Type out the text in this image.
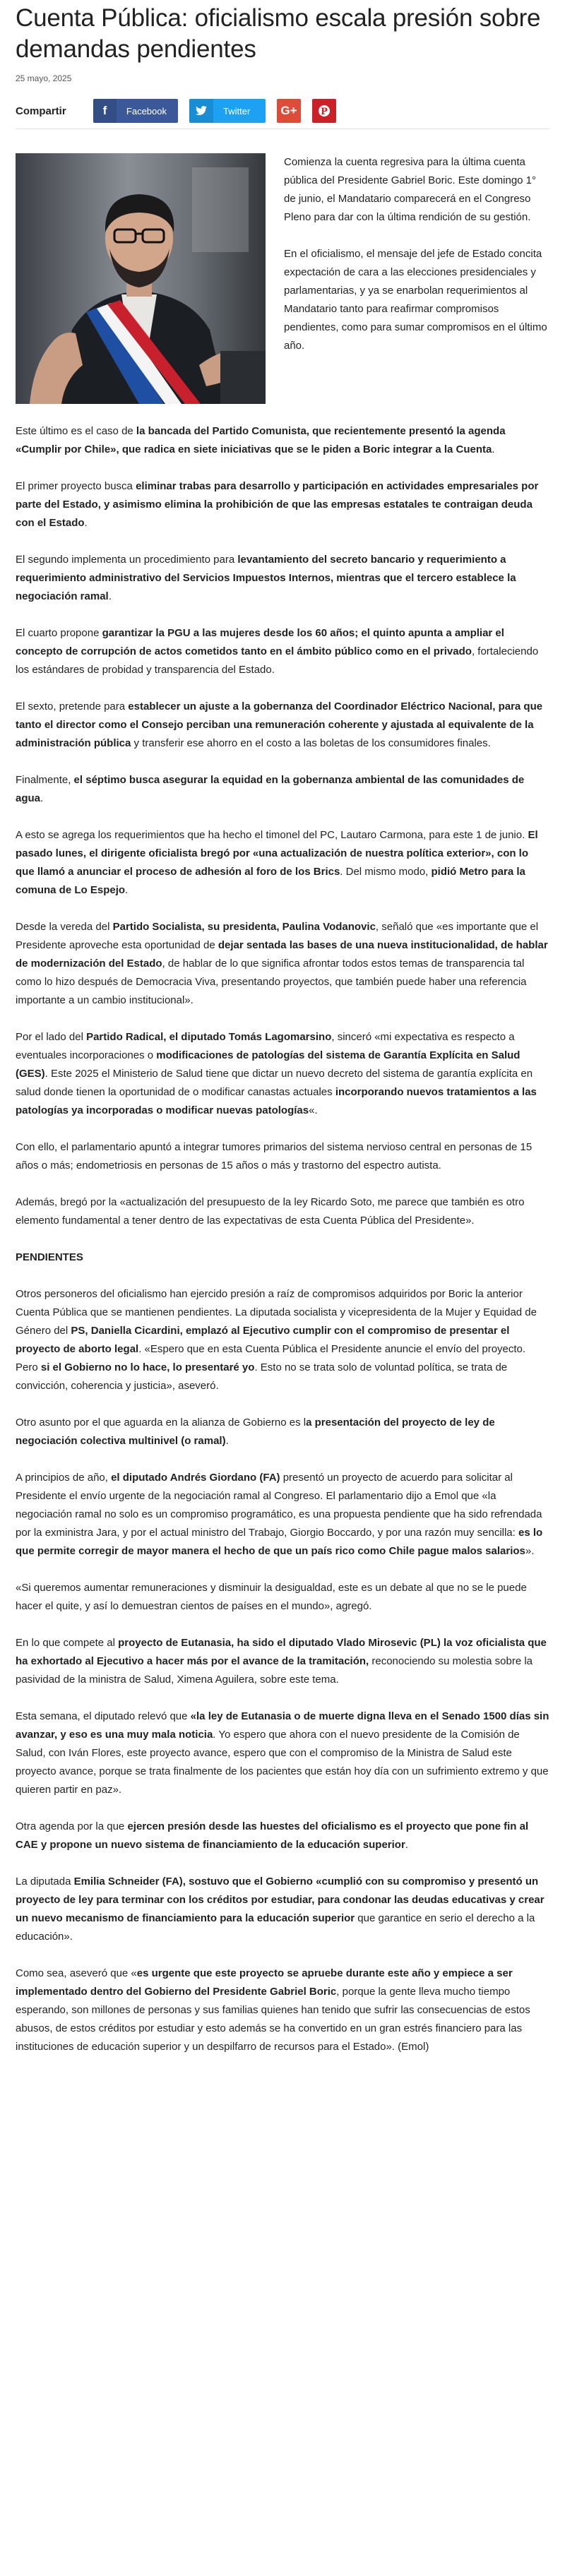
Cuenta Pública: oficialismo escala presión sobre demandas pendientes
25 mayo, 2025
Compartir	f	Facebook	Twitter	G+	P

Comienza la cuenta regresiva para la última cuenta pública del Presidente Gabriel Boric. Este domingo 1° de junio, el Mandatario comparecerá en el Congreso Pleno para dar con la última rendición de su gestión.

En el oficialismo, el mensaje del jefe de Estado concita expectación de cara a las elecciones presidenciales y parlamentarias, y ya se enarbolan requerimientos al Mandatario tanto para reafirmar compromisos pendientes, como para sumar compromisos en el último año.

Este último es el caso de la bancada del Partido Comunista, que recientemente presentó la agenda «Cumplir por Chile», que radica en siete iniciativas que se le piden a Boric integrar a la Cuenta.

El primer proyecto busca eliminar trabas para desarrollo y participación en actividades empresariales por parte del Estado, y asimismo elimina la prohibición de que las empresas estatales te contraigan deuda con el Estado.

El segundo implementa un procedimiento para levantamiento del secreto bancario y requerimiento a requerimiento administrativo del Servicios Impuestos Internos, mientras que el tercero establece la negociación ramal.

El cuarto propone garantizar la PGU a las mujeres desde los 60 años; el quinto apunta a ampliar el concepto de corrupción de actos cometidos tanto en el ámbito público como en el privado, fortaleciendo los estándares de probidad y transparencia del Estado.

El sexto, pretende para establecer un ajuste a la gobernanza del Coordinador Eléctrico Nacional, para que tanto el director como el Consejo perciban una remuneración coherente y ajustada al equivalente de la administración pública y transferir ese ahorro en el costo a las boletas de los consumidores finales.

Finalmente, el séptimo busca asegurar la equidad en la gobernanza ambiental de las comunidades de agua.

A esto se agrega los requerimientos que ha hecho el timonel del PC, Lautaro Carmona, para este 1 de junio. El pasado lunes, el dirigente oficialista bregó por «una actualización de nuestra política exterior», con lo que llamó a anunciar el proceso de adhesión al foro de los Brics. Del mismo modo, pidió Metro para la comuna de Lo Espejo.

Desde la vereda del Partido Socialista, su presidenta, Paulina Vodanovic, señaló que «es importante que el Presidente aproveche esta oportunidad de dejar sentada las bases de una nueva institucionalidad, de hablar de modernización del Estado, de hablar de lo que significa afrontar todos estos temas de transparencia tal como lo hizo después de Democracia Viva, presentando proyectos, que también puede haber una referencia importante a un cambio institucional».

Por el lado del Partido Radical, el diputado Tomás Lagomarsino, sinceró «mi expectativa es respecto a eventuales incorporaciones o modificaciones de patologías del sistema de Garantía Explícita en Salud (GES). Este 2025 el Ministerio de Salud tiene que dictar un nuevo decreto del sistema de garantía explícita en salud donde tienen la oportunidad de o modificar canastas actuales incorporando nuevos tratamientos a las patologías ya incorporadas o modificar nuevas patologías«.

Con ello, el parlamentario apuntó a integrar tumores primarios del sistema nervioso central en personas de 15 años o más; endometriosis en personas de 15 años o más y trastorno del espectro autista.

Además, bregó por la «actualización del presupuesto de la ley Ricardo Soto, me parece que también es otro elemento fundamental a tener dentro de las expectativas de esta Cuenta Pública del Presidente».

PENDIENTES

Otros personeros del oficialismo han ejercido presión a raíz de compromisos adquiridos por Boric la anterior Cuenta Pública que se mantienen pendientes. La diputada socialista y vicepresidenta de la Mujer y Equidad de Género del PS, Daniella Cicardini, emplazó al Ejecutivo cumplir con el compromiso de presentar el proyecto de aborto legal. «Espero que en esta Cuenta Pública el Presidente anuncie el envío del proyecto. Pero si el Gobierno no lo hace, lo presentaré yo. Esto no se trata solo de voluntad política, se trata de convicción, coherencia y justicia», aseveró.

Otro asunto por el que aguarda en la alianza de Gobierno es la presentación del proyecto de ley de negociación colectiva multinivel (o ramal).

A principios de año, el diputado Andrés Giordano (FA) presentó un proyecto de acuerdo para solicitar al Presidente el envío urgente de la negociación ramal al Congreso. El parlamentario dijo a Emol que «la negociación ramal no solo es un compromiso programático, es una propuesta pendiente que ha sido refrendada por la exministra Jara, y por el actual ministro del Trabajo, Giorgio Boccardo, y por una razón muy sencilla: es lo que permite corregir de mayor manera el hecho de que un país rico como Chile pague malos salarios».

«Si queremos aumentar remuneraciones y disminuir la desigualdad, este es un debate al que no se le puede hacer el quite, y así lo demuestran cientos de países en el mundo», agregó.

En lo que compete al proyecto de Eutanasia, ha sido el diputado Vlado Mirosevic (PL) la voz oficialista que ha exhortado al Ejecutivo a hacer más por el avance de la tramitación, reconociendo su molestia sobre la pasividad de la ministra de Salud, Ximena Aguilera, sobre este tema.

Esta semana, el diputado relevó que «la ley de Eutanasia o de muerte digna lleva en el Senado 1500 días sin avanzar, y eso es una muy mala noticia. Yo espero que ahora con el nuevo presidente de la Comisión de Salud, con Iván Flores, este proyecto avance, espero que con el compromiso de la Ministra de Salud este proyecto avance, porque se trata finalmente de los pacientes que están hoy día con un sufrimiento extremo y que quieren partir en paz».

Otra agenda por la que ejercen presión desde las huestes del oficialismo es el proyecto que pone fin al CAE y propone un nuevo sistema de financiamiento de la educación superior.

La diputada Emilia Schneider (FA), sostuvo que el Gobierno «cumplió con su compromiso y presentó un proyecto de ley para terminar con los créditos por estudiar, para condonar las deudas educativas y crear un nuevo mecanismo de financiamiento para la educación superior que garantice en serio el derecho a la educación».

Como sea, aseveró que «es urgente que este proyecto se apruebe durante este año y empiece a ser implementado dentro del Gobierno del Presidente Gabriel Boric, porque la gente lleva mucho tiempo esperando, son millones de personas y sus familias quienes han tenido que sufrir las consecuencias de estos abusos, de estos créditos por estudiar y esto además se ha convertido en un gran estrés financiero para las instituciones de educación superior y un despilfarro de recursos para el Estado». (Emol)
